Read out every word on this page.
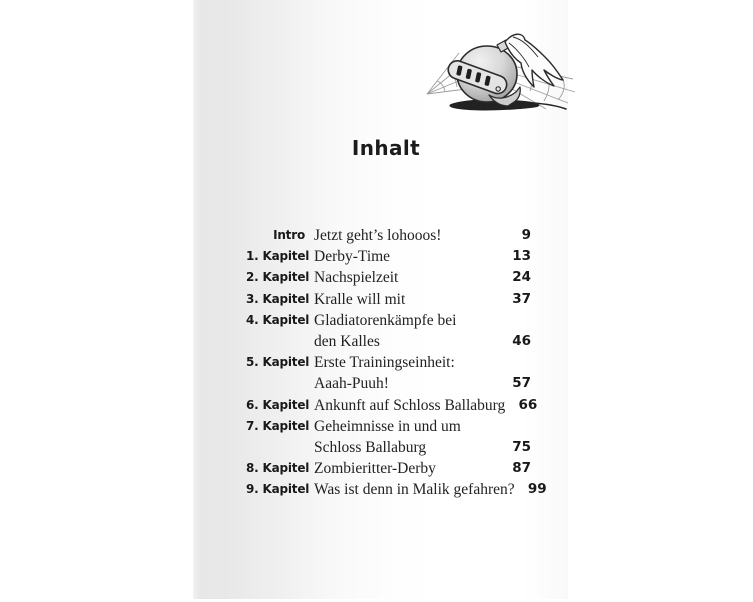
Inhalt
Intro Jetzt geht’s lohooos!	9
1. Kapitel Derby-Time	13
2. Kapitel Nachspielzeit	24
3. Kapitel Kralle will mit	37
4. Kapitel Gladiatorenkämpfe bei
den Kalles	46
5. Kapitel Erste Trainingseinheit:
Aaah-Puuh!	57
6. Kapitel Ankunft auf Schloss Ballaburg 66
7. Kapitel Geheimnisse in und um
Schloss Ballaburg	75
8. Kapitel Zombieritter-Derby	87
9. Kapitel Was ist denn in Malik gefahren? 99
